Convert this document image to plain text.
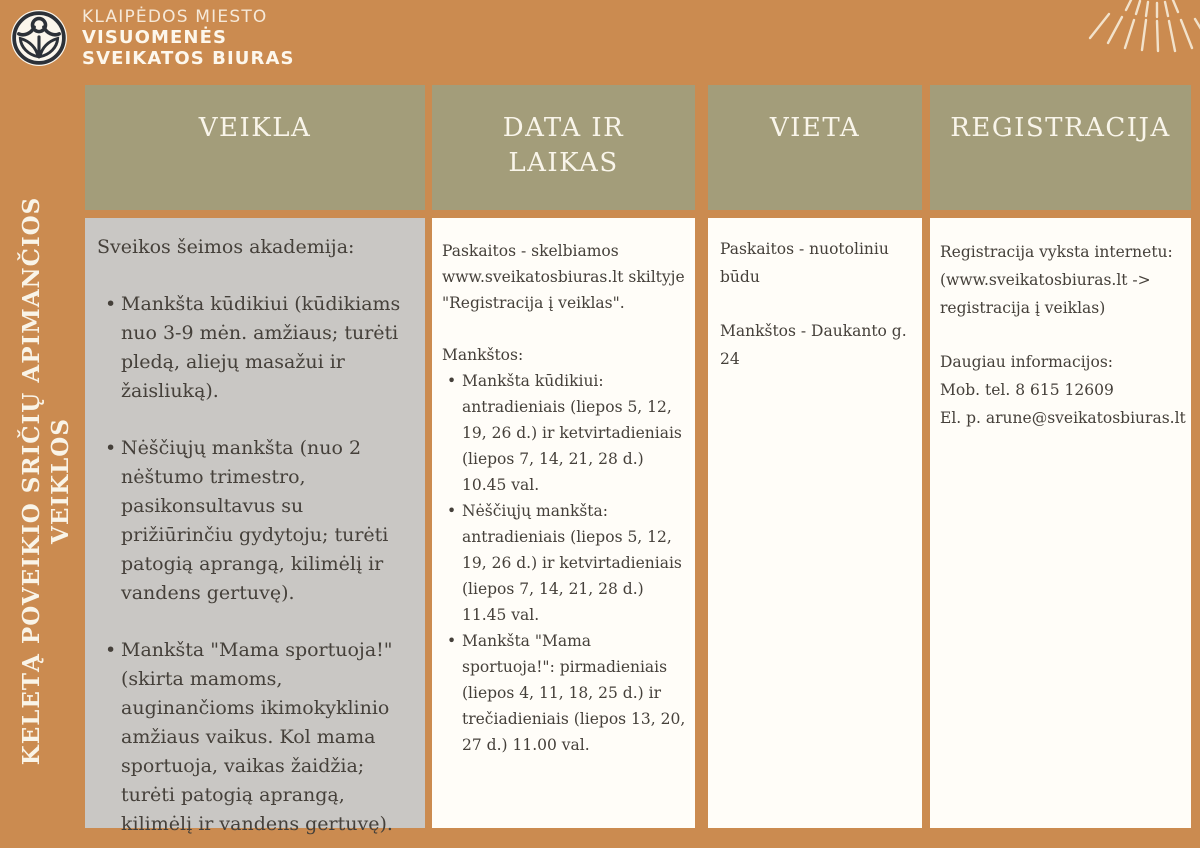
KLAIPĖDOS MIESTO
VISUOMENĖS
SVEIKATOS BIURAS
KELETĄ POVEIKIO SRIČIŲ APIMANČIOS VEIKLOS
VEIKLA	DATA IR LAIKAS
VIETA	REGISTRACIJA
Sveikos šeimos akademija:
• Mankšta kūdikiui (kūdikiams nuo 3-9 mėn. amžiaus; turėti pledą, aliejų masažui ir žaisliuką).
• Nėščiųjų mankšta (nuo 2 nėštumo trimestro, pasikonsultavus su prižiūrinčiu gydytoju; turėti patogią aprangą, kilimėlį ir vandens gertuvę).
• Mankšta "Mama sportuoja!" (skirta mamoms, auginančioms ikimokyklinio amžiaus vaikus. Kol mama sportuoja, vaikas žaidžia; turėti patogią aprangą, kilimėlį ir vandens gertuvę).
Paskaitos - skelbiamos
www.sveikatosbiuras.lt skiltyje
"Registracija į veiklas".
Mankštos:
• Mankšta kūdikiui: antradieniais (liepos 5, 12, 19, 26 d.) ir ketvirtadieniais (liepos 7, 14, 21, 28 d.) 10.45 val.
• Nėščiųjų mankšta: antradieniais (liepos 5, 12, 19, 26 d.) ir ketvirtadieniais (liepos 7, 14, 21, 28 d.) 11.45 val.
• Mankšta "Mama sportuoja!": pirmadieniais (liepos 4, 11, 18, 25 d.) ir trečiadieniais (liepos 13, 20, 27 d.) 11.00 val.
Paskaitos - nuotoliniu būdu
Mankštos - Daukanto g. 24
Registracija vyksta internetu:
(www.sveikatosbiuras.lt ->
registracija į veiklas)
Daugiau informacijos:
Mob. tel. 8 615 12609
El. p. arune@sveikatosbiuras.lt
